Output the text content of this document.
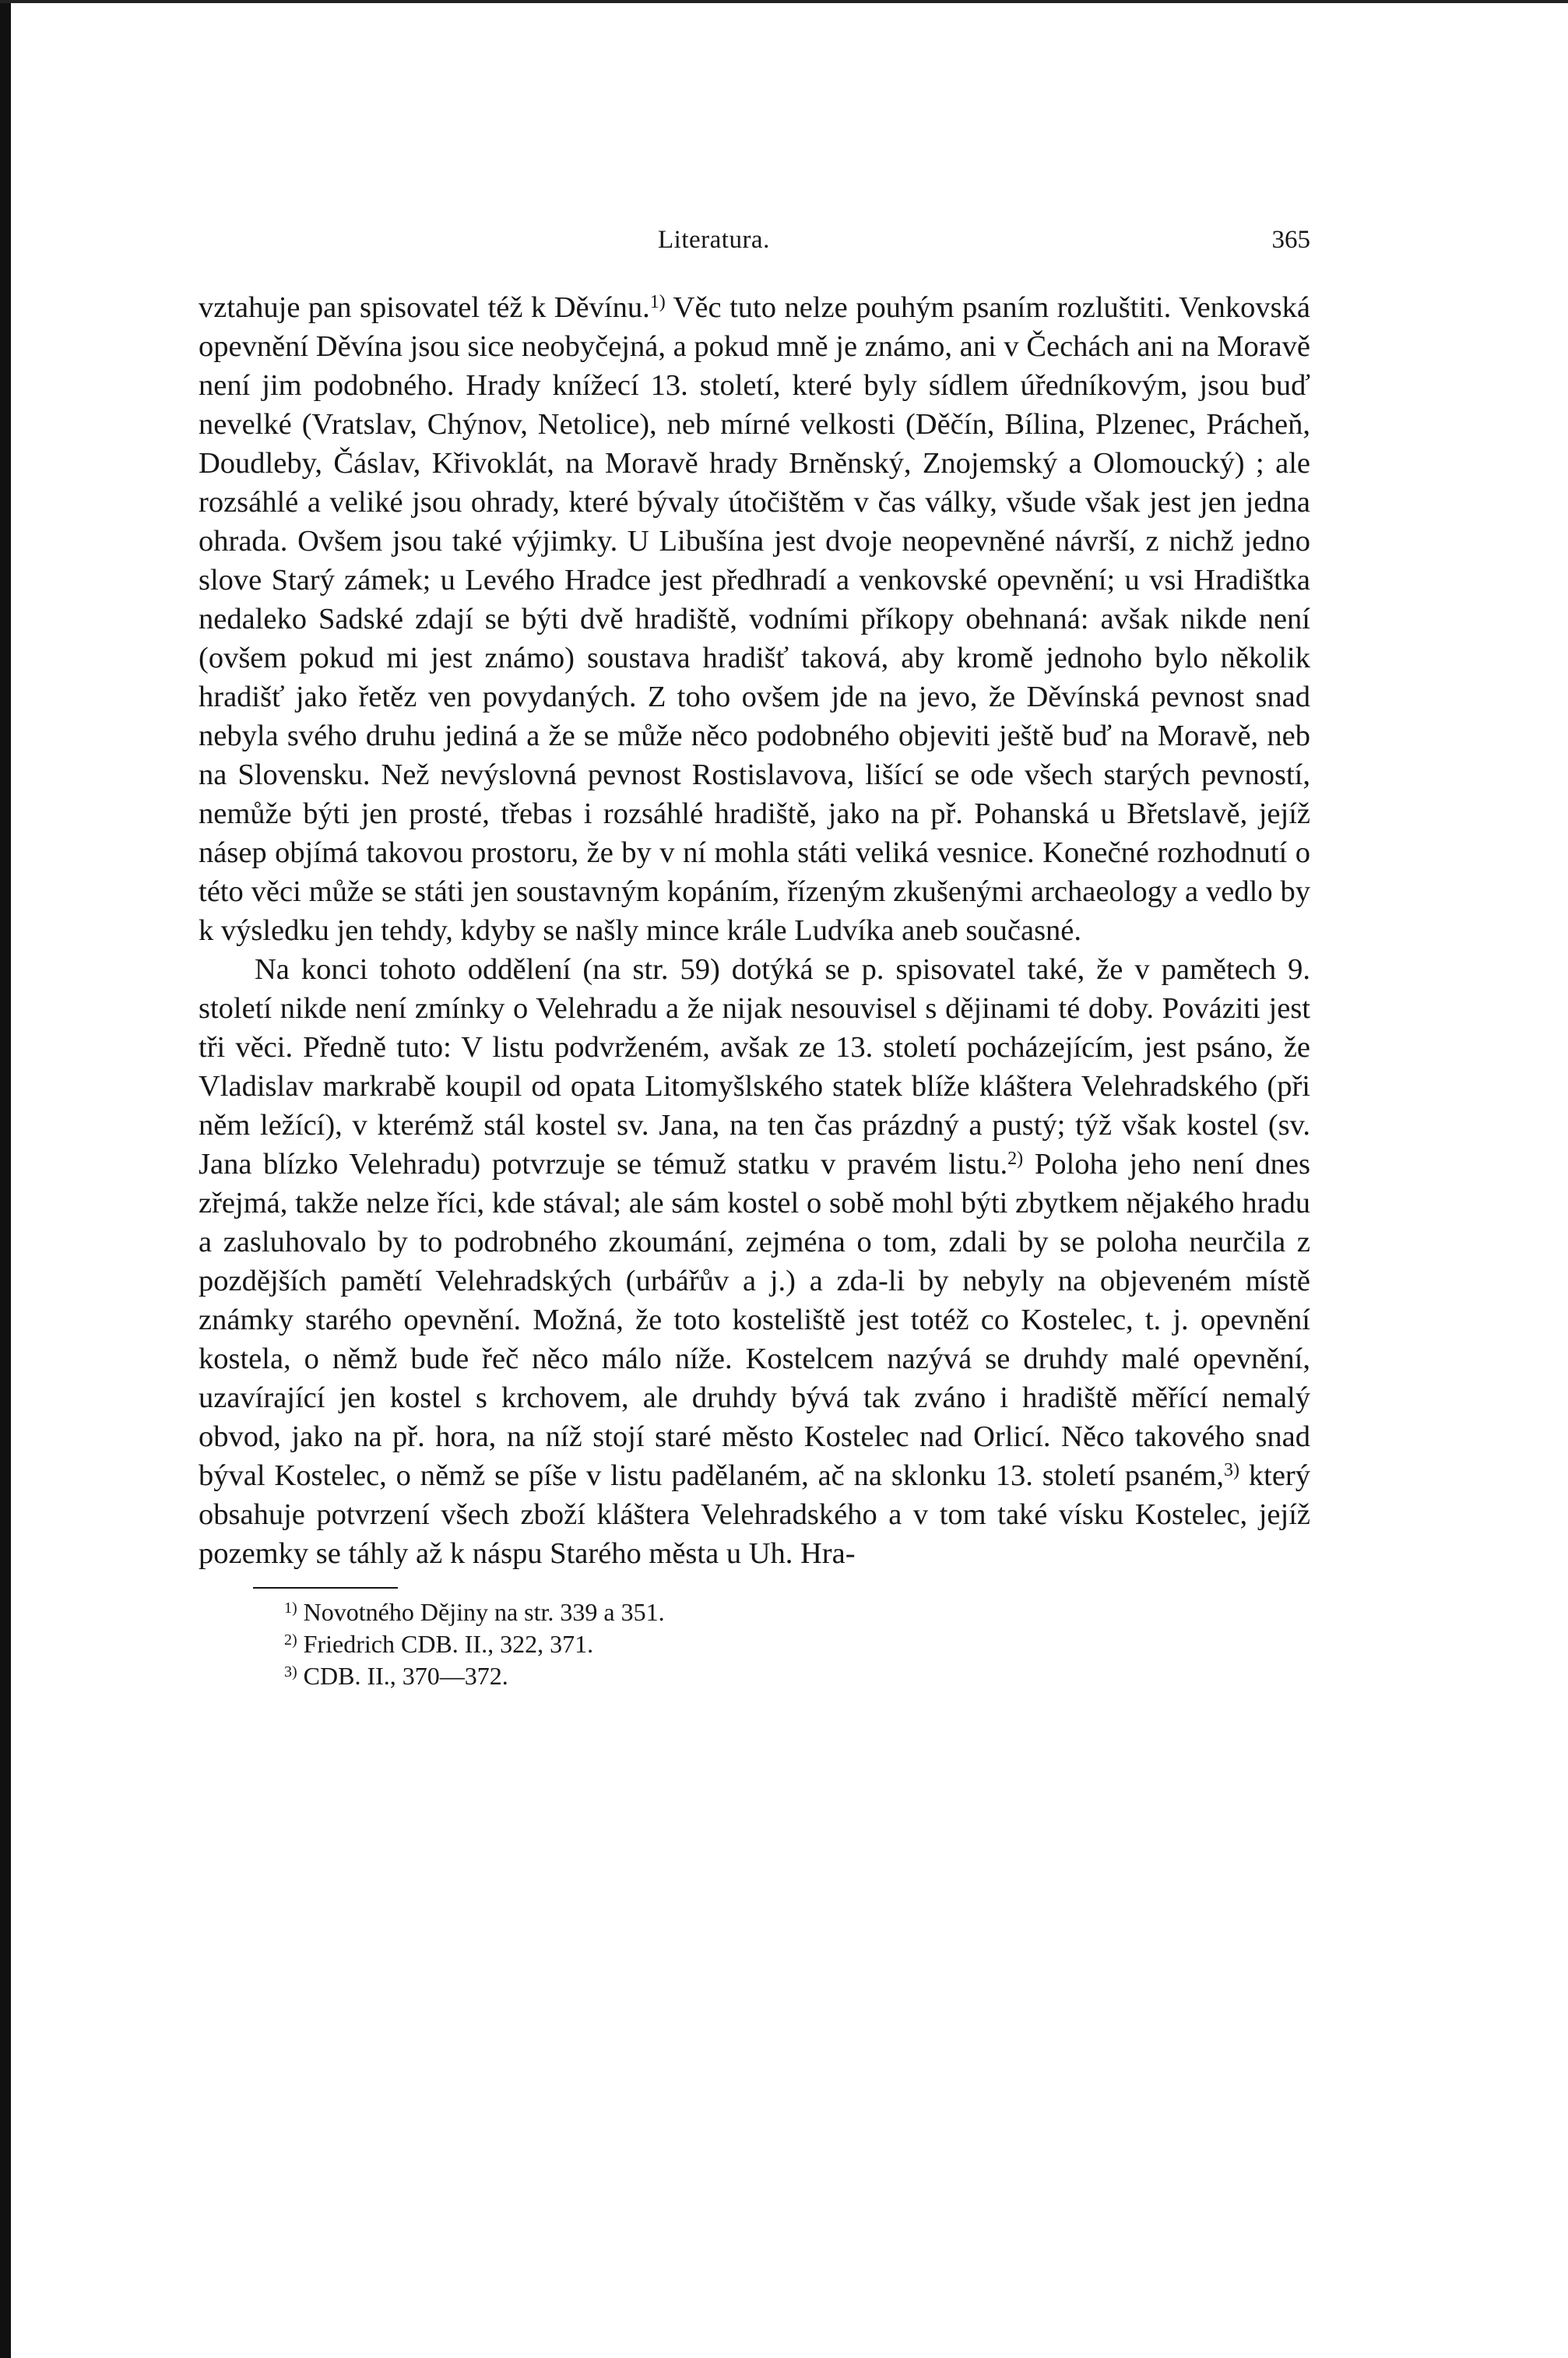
Literatura.	365

vztahuje pan spisovatel též k Děvínu.$^{1)}$ Věc tuto nelze pouhým psaním rozluštiti. Venkovská opevnění Děvína jsou sice neobyčejná, a pokud mně je známo, ani v Čechách ani na Moravě není jim podobného. Hrady knížecí 13. století, které byly sídlem úředníkovým, jsou buď nevelké (Vratslav, Chýnov, Netolice), neb mírné velkosti (Děčín, Bílina, Plzenec, Prácheň, Doudleby, Čáslav, Křivoklát, na Moravě hrady Brněnský, Znojemský a Olomoucký) ; ale rozsáhlé a veliké jsou ohrady, které bývaly útočištěm v čas války, všude však jest jen jedna ohrada. Ovšem jsou také výjimky. U Libušína jest dvoje neopevněné návrší, z nichž jedno slove Starý zámek; u Levého Hradce jest předhradí a venkovské opevnění; u vsi Hradištka nedaleko Sadské zdají se býti dvě hradiště, vodními příkopy obehnaná: avšak nikde není (ovšem pokud mi jest známo) soustava hradišť taková, aby kromě jednoho bylo několik hradišť jako řetěz ven povydaných. Z toho ovšem jde na jevo, že Děvínská pevnost snad nebyla svého druhu jediná a že se může něco podobného objeviti ještě buď na Moravě, neb na Slovensku. Než nevýslovná pevnost Rostislavova, lišící se ode všech starých pevností, nemůže býti jen prosté, třebas i rozsáhlé hradiště, jako na př. Pohanská u Břetslavě, jejíž násep objímá takovou prostoru, že by v ní mohla státi veliká vesnice. Konečné rozhodnutí o této věci může se státi jen soustavným kopáním, řízeným zkušenými archaeology a vedlo by k výsledku jen tehdy, kdyby se našly mince krále Ludvíka aneb současné.

Na konci tohoto oddělení (na str. 59) dotýká se p. spisovatel také, že v pamětech 9. století nikde není zmínky o Velehradu a že nijak nesouvisel s dějinami té doby. Pováziti jest tři věci. Předně tuto: V listu podvrženém, avšak ze 13. století pocházejícím, jest psáno, že Vladislav markrabě koupil od opata Litomyšlského statek blíže kláštera Velehradského (při něm ležící), v kterémž stál kostel sv. Jana, na ten čas prázdný a pustý; týž však kostel (sv. Jana blízko Velehradu) potvrzuje se témuž statku v pravém listu.$^{2)}$ Poloha jeho není dnes zřejmá, takže nelze říci, kde stával; ale sám kostel o sobě mohl býti zbytkem nějakého hradu a zasluhovalo by to podrobného zkoumání, zejména o tom, zdali by se poloha neurčila z pozdějších pamětí Velehradských (urbářův a j.) a zda-li by nebyly na objeveném místě známky starého opevnění. Možná, že toto kosteliště jest totéž co Kostelec, t. j. opevnění kostela, o němž bude řeč něco málo níže. Kostelcem nazývá se druhdy malé opevnění, uzavírající jen kostel s krchovem, ale druhdy bývá tak zváno i hradiště měřící nemalý obvod, jako na př. hora, na níž stojí staré město Kostelec nad Orlicí. Něco takového snad býval Kostelec, o němž se píše v listu padělaném, ač na sklonku 13. století psaném,$^{3)}$ který obsahuje potvrzení všech zboží kláštera Velehradského a v tom také vísku Kostelec, jejíž pozemky se táhly až k náspu Starého města u Uh. Hra-

$^{1)}$ Novotného Dějiny na str. 339 a 351.
$^{2)}$ Friedrich CDB. II., 322, 371.
$^{3)}$ CDB. II., 370—372.
